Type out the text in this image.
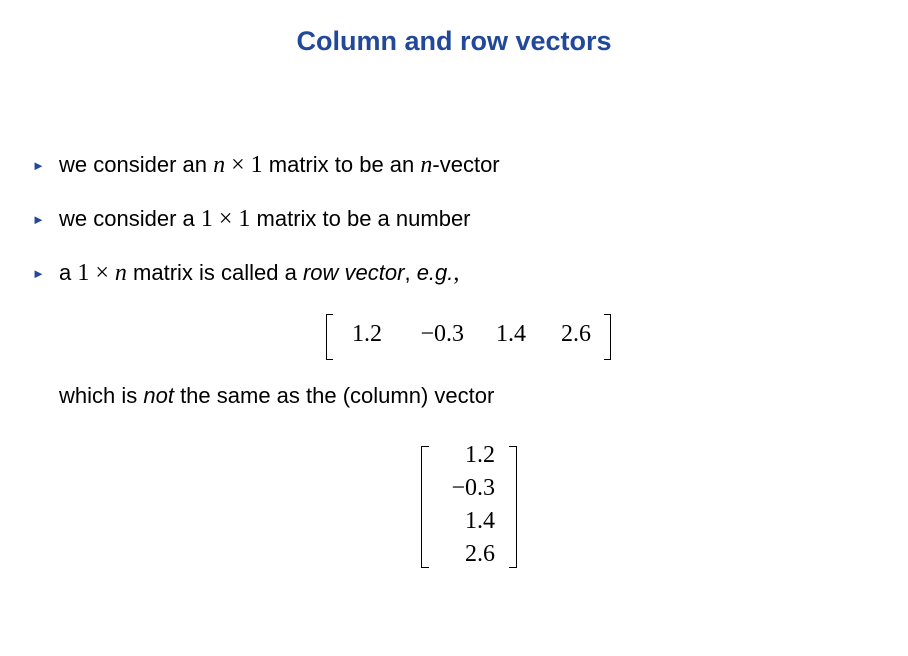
Column and row vectors
► we consider an n × 1 matrix to be an n-vector
► we consider a 1 × 1 matrix to be a number
► a 1 × n matrix is called a row vector, e.g.,
1.2	−0.3	1.4	2.6
which is not the same as the (column) vector
1.2
−0.3
1.4
2.6
